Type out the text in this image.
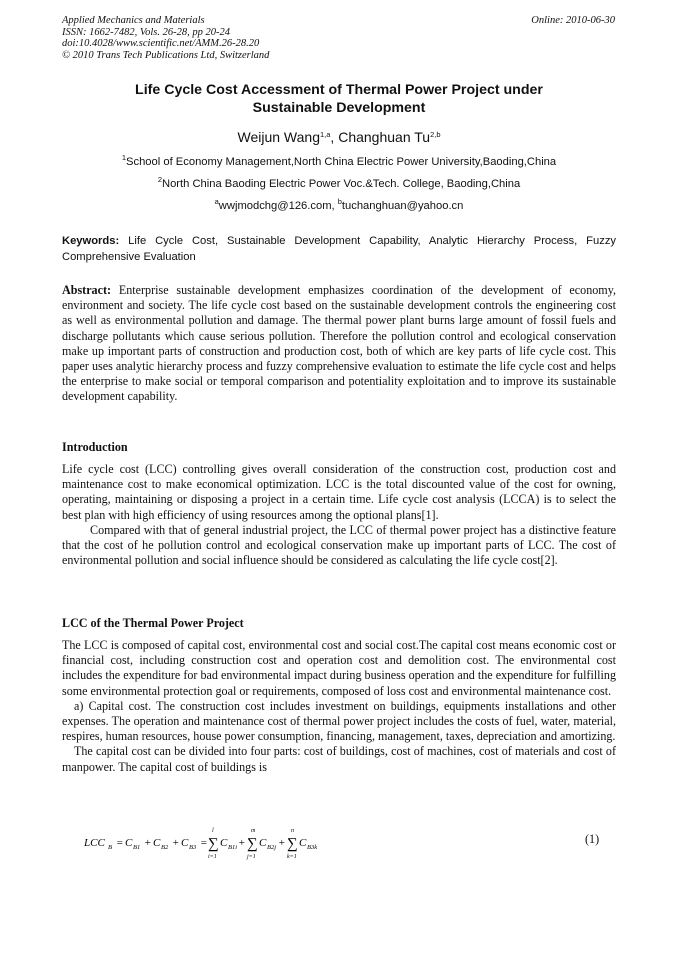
Applied Mechanics and Materials
ISSN: 1662-7482, Vols. 26-28, pp 20-24
doi:10.4028/www.scientific.net/AMM.26-28.20
© 2010 Trans Tech Publications Ltd, Switzerland
Online: 2010-06-30
Life Cycle Cost Accessment of Thermal Power Project under
Sustainable Development
Weijun Wang$^{1,a}$, Changhuan Tu$^{2,b}$
$^1$School of Economy Management,North China Electric Power University,Baoding,China
$^2$North China Baoding Electric Power Voc.&Tech. College, Baoding,China
$^a$wwjmodchg@126.com, $^b$tuchanghuan@yahoo.cn
Keywords: Life Cycle Cost, Sustainable Development Capability, Analytic Hierarchy Process, Fuzzy Comprehensive Evaluation

Abstract: Enterprise sustainable development emphasizes coordination of the development of economy, environment and society. The life cycle cost based on the sustainable development controls the engineering cost as well as environmental pollution and damage. The thermal power plant burns large amount of fossil fuels and discharge pollutants which cause serious pollution. Therefore the pollution control and ecological conservation make up important parts of construction and production cost, both of which are key parts of life cycle cost. This paper uses analytic hierarchy process and fuzzy comprehensive evaluation to estimate the life cycle cost and helps the enterprise to make social or temporal comparison and potentiality exploitation and to improve its sustainable development capability.

Introduction

Life cycle cost (LCC) controlling gives overall consideration of the construction cost, production cost and maintenance cost to make economical optimization. LCC is the total discounted value of the cost for owning, operating, maintaining or disposing a project in a certain time. Life cycle cost analysis (LCCA) is to select the best plan with high efficiency of using resources among the optional plans[1].

Compared with that of general industrial project, the LCC of thermal power project has a distinctive feature that the cost of he pollution control and ecological conservation make up important parts of LCC. The cost of environmental pollution and social influence should be considered as calculating the life cycle cost[2].

LCC of the Thermal Power Project

The LCC is composed of capital cost, environmental cost and social cost.The capital cost means economic cost or financial cost, including construction cost and operation cost and demolition cost. The environmental cost includes the expenditure for bad environmental impact during business operation and the expenditure for fulfilling some environmental protection goal or requirements, composed of loss cost and environmental maintenance cost.

a) Capital cost. The construction cost includes investment on buildings, equipments installations and other expenses. The operation and maintenance cost of thermal power project includes the costs of fuel, water, material, respires, human resources, house power consumption, financing, management, taxes, depreciation and amortizing.

The capital cost can be divided into four parts: cost of buildings, cost of machines, cost of materials and cost of manpower. The capital cost of buildings is

LCC B = C B1 + C B2 + C B3 =
l
∑
i=1
C B1i +
m
∑
j=1
C B2j +
n
∑
k=1
C B3k
(1)
